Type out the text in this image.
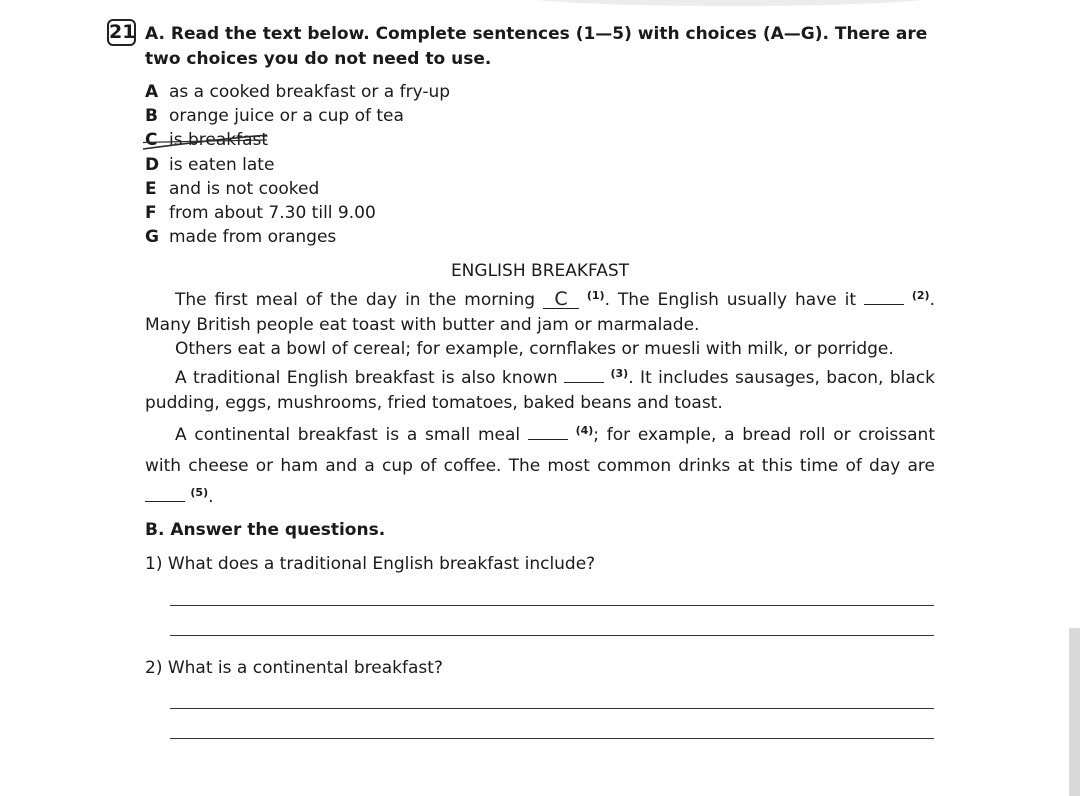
21 A. Read the text below. Complete sentences (1—5) with choices (A—G). There are two choices you do not need to use.
A as a cooked breakfast or a fry-up
B orange juice or a cup of tea
C is breakfast
D is eaten late
E and is not cooked
F from about 7.30 till 9.00
G made from oranges
ENGLISH BREAKFAST

The first meal of the day in the morning C $^{(1)}$. The English usually have it	$^{(2)}$. Many British people eat toast with butter and jam or marmalade.

Others eat a bowl of cereal; for example, cornflakes or muesli with milk, or porridge.

A traditional English breakfast is also known	$^{(3)}$. It includes sausages, bacon, black pudding, eggs, mushrooms, fried tomatoes, baked beans and toast.

A continental breakfast is a small meal	$^{(4)}$; for example, a bread roll or croissant with cheese or ham and a cup of coffee. The most common drinks at this time of day are  $^{(5)}$.

B. Answer the questions.
1) What does a traditional English breakfast include?
2) What is a continental breakfast?
